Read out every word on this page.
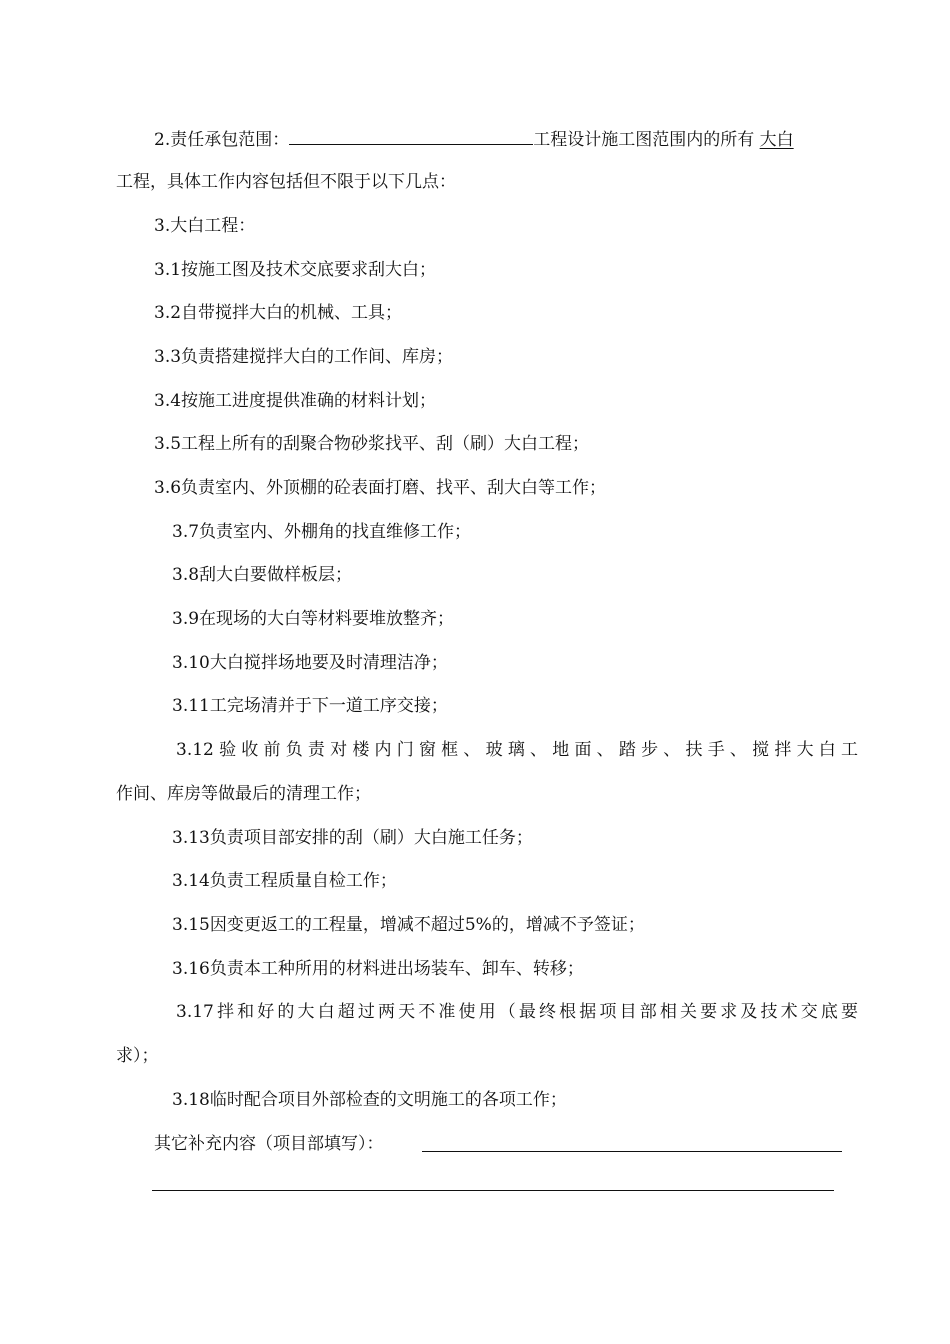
2.责任承包范围：	工程设计施工图范围内的所有 大白
工程，具体工作内容包括但不限于以下几点：
3.大白工程：
3.1按施工图及技术交底要求刮大白；
3.2自带搅拌大白的机械、工具；
3.3负责搭建搅拌大白的工作间、库房；
3.4按施工进度提供准确的材料计划；
3.5工程上所有的刮聚合物砂浆找平、刮（刷）大白工程；
3.6负责室内、外顶棚的砼表面打磨、找平、刮大白等工作；
3.7负责室内、外棚角的找直维修工作；
3.8刮大白要做样板层；
3.9在现场的大白等材料要堆放整齐；
3.10大白搅拌场地要及时清理洁净；
3.11工完场清并于下一道工序交接；
3.12验收前负责对楼内门窗框、玻璃、地面、踏步、扶手、搅拌大白工
作间、库房等做最后的清理工作；
3.13负责项目部安排的刮（刷）大白施工任务；
3.14负责工程质量自检工作；
3.15因变更返工的工程量，增减不超过5%的，增减不予签证；
3.16负责本工种所用的材料进出场装车、卸车、转移；
3.17拌和好的大白超过两天不准使用（最终根据项目部相关要求及技术交底要
求）；
3.18临时配合项目外部检查的文明施工的各项工作；
其它补充内容（项目部填写）：
